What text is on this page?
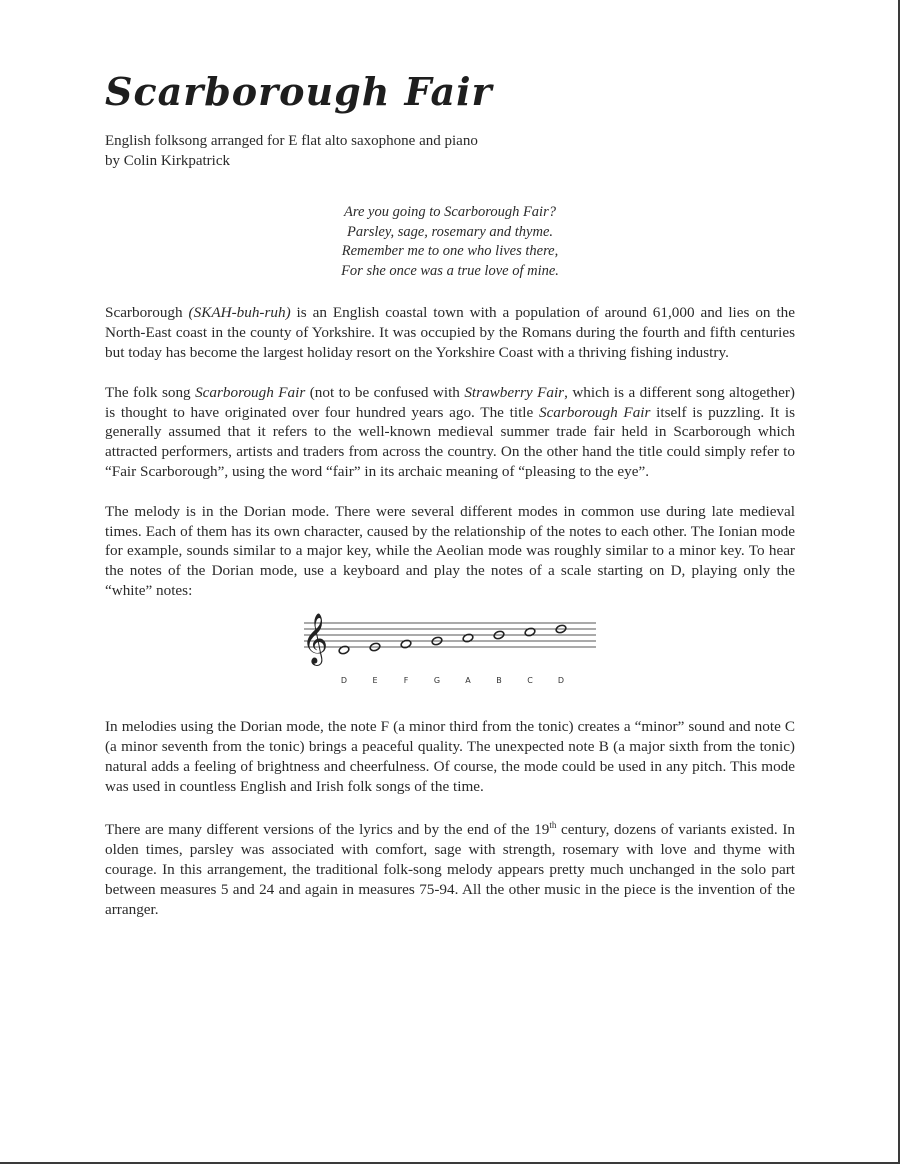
Scarborough Fair
English folksong arranged for E flat alto saxophone and piano
by Colin Kirkpatrick
Are you going to Scarborough Fair?
Parsley, sage, rosemary and thyme.
Remember me to one who lives there,
For she once was a true love of mine.

Scarborough (SKAH-buh-ruh) is an English coastal town with a population of around 61,000 and lies on the North-East coast in the county of Yorkshire. It was occupied by the Romans during the fourth and fifth centuries but today has become the largest holiday resort on the Yorkshire Coast with a thriving fishing industry.

The folk song Scarborough Fair (not to be confused with Strawberry Fair, which is a different song altogether) is thought to have originated over four hundred years ago. The title Scarborough Fair itself is puzzling. It is generally assumed that it refers to the well-known medieval summer trade fair held in Scarborough which attracted performers, artists and traders from across the country. On the other hand the title could simply refer to “Fair Scarborough”, using the word “fair” in its archaic meaning of “pleasing to the eye”.

The melody is in the Dorian mode. There were several different modes in common use during late medieval times. Each of them has its own character, caused by the relationship of the notes to each other. The Ionian mode for example, sounds similar to a major key, while the Aeolian mode was roughly similar to a minor key. To hear the notes of the Dorian mode, use a keyboard and play the notes of a scale starting on D, playing only the “white” notes:

𝄞
D	E	F	G	A	B	C	D

In melodies using the Dorian mode, the note F (a minor third from the tonic) creates a “minor” sound and note C (a minor seventh from the tonic) brings a peaceful quality. The unexpected note B (a major sixth from the tonic) natural adds a feeling of brightness and cheerfulness. Of course, the mode could be used in any pitch. This mode was used in countless English and Irish folk songs of the time.

There are many different versions of the lyrics and by the end of the 19th century, dozens of variants existed. In olden times, parsley was associated with comfort, sage with strength, rosemary with love and thyme with courage. In this arrangement, the traditional folk-song melody appears pretty much unchanged in the solo part between measures 5 and 24 and again in measures 75-94. All the other music in the piece is the invention of the arranger.
